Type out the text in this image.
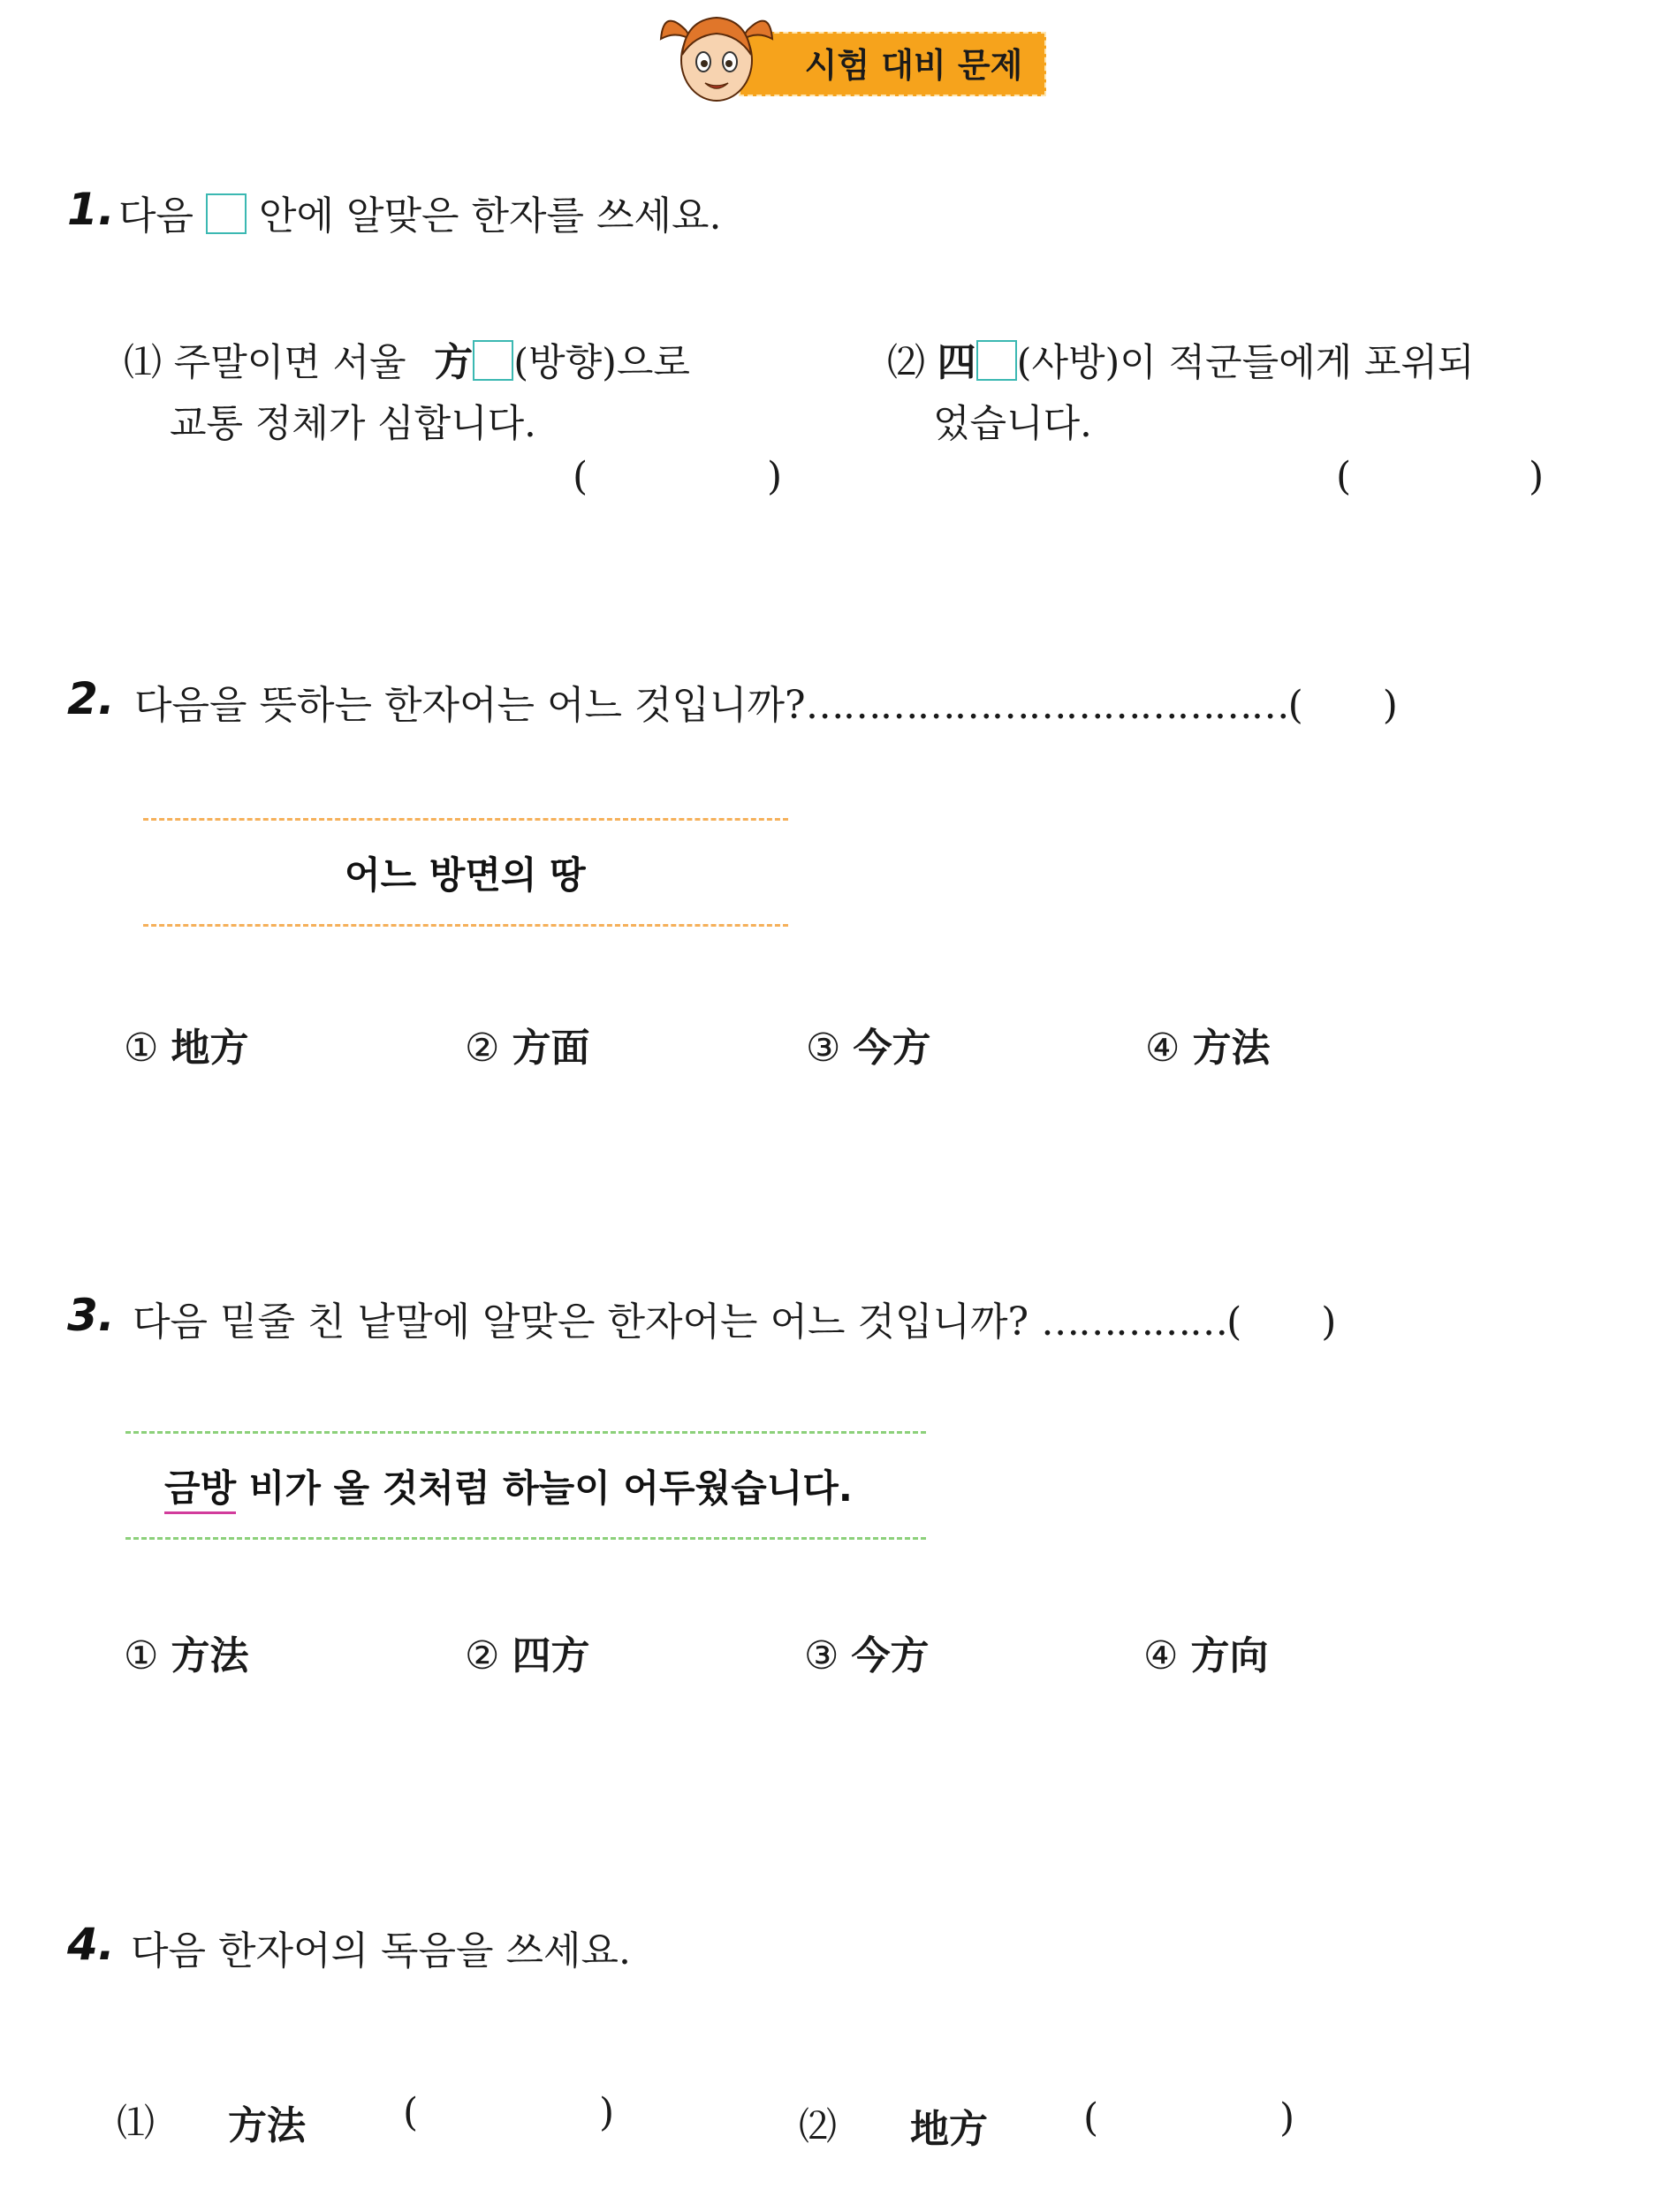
시험 대비 문제
1. 다음 안에 알맞은 한자를 쓰세요.
⑴ 주말이면 서울 方 (방향)으로
교통 정체가 심합니다.
(	)
⑵ 四 (사방)이 적군들에게 포위되
었습니다.
(	)
2. 다음을 뜻하는 한자어는 어느 것입니까?…………………………………( )
어느 방면의 땅
① 地方	② 方面	③ 今方	④ 方法
3. 다음 밑줄 친 낱말에 알맞은 한자어는 어느 것입니까? ……………( )
금방 비가 올 것처럼 하늘이 어두웠습니다.
① 方法	② 四方	③ 今方	④ 方向
4. 다음 한자어의 독음을 쓰세요.
⑴ 方法	(	)	⑵ 地方 (	)
